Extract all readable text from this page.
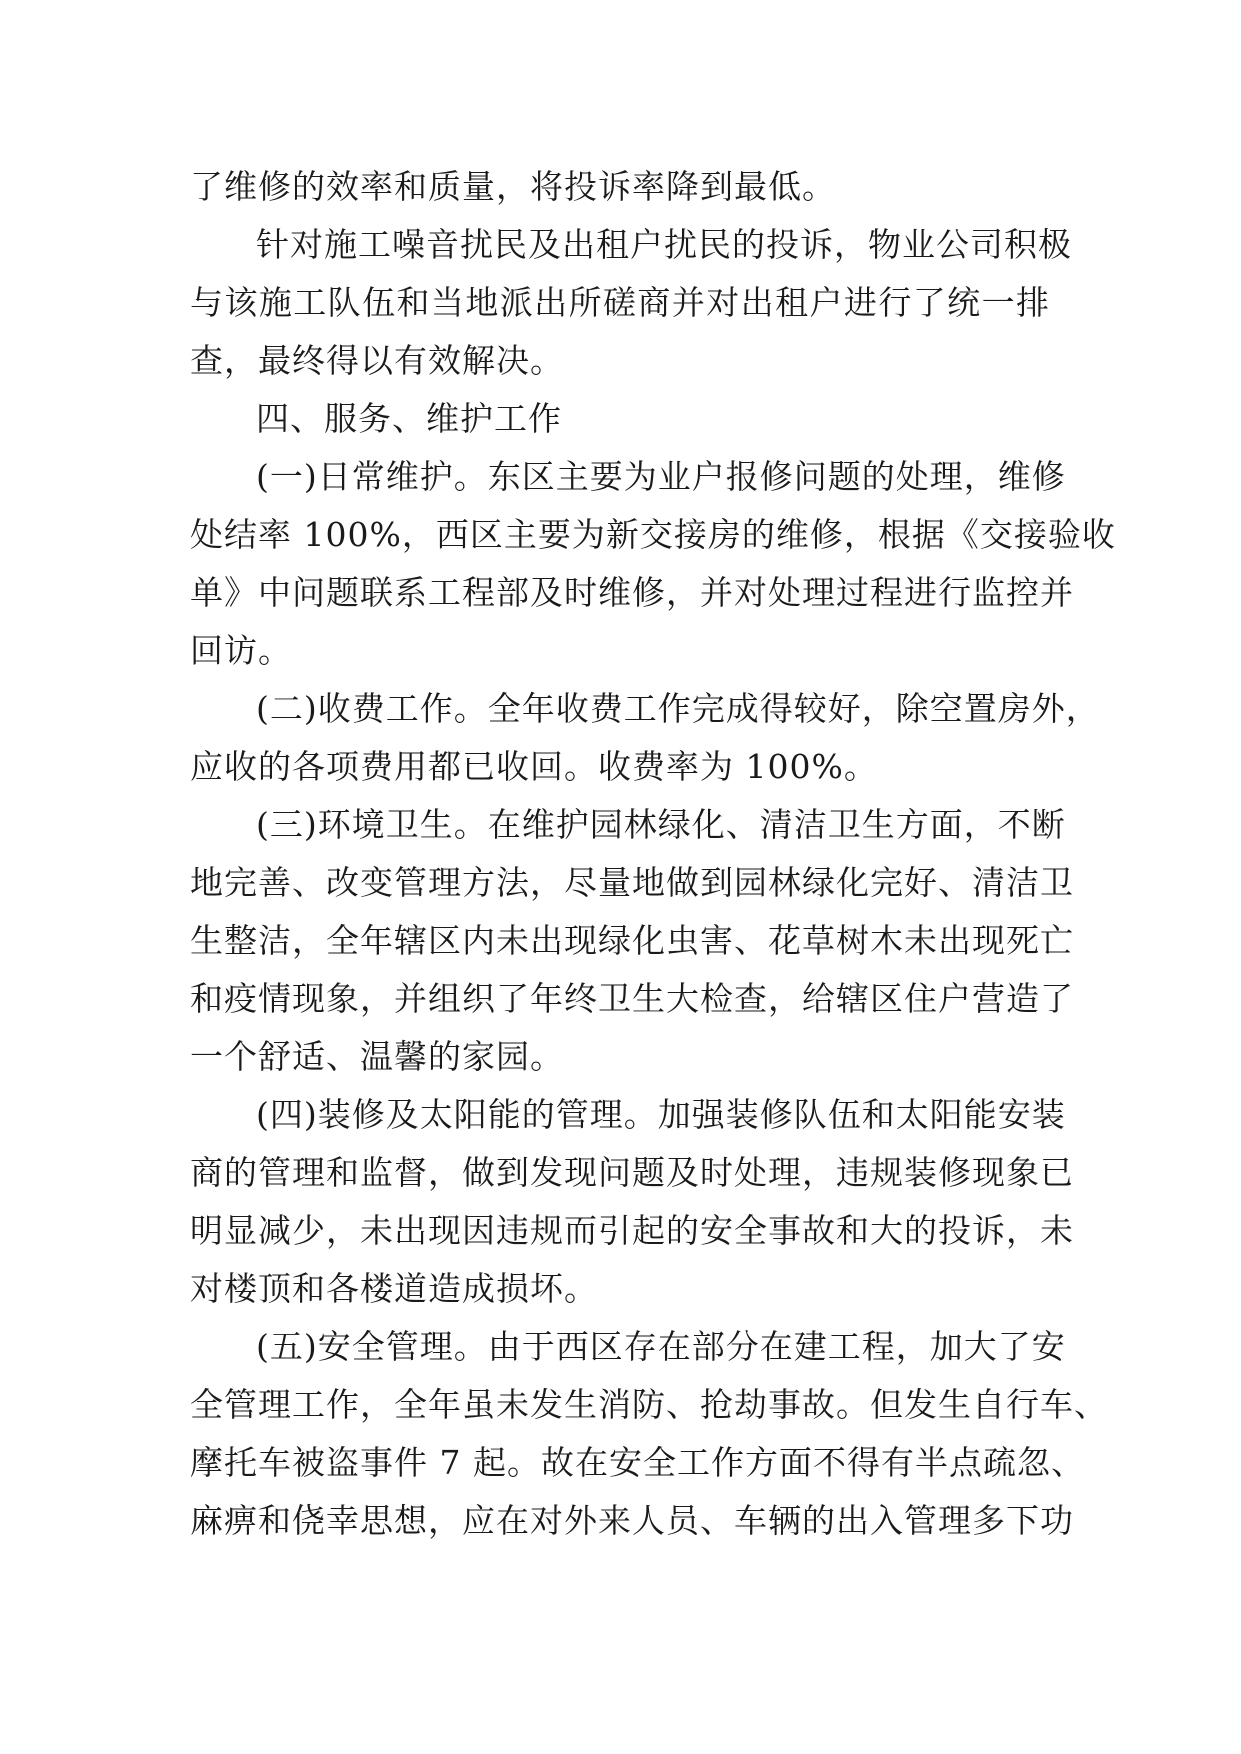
了维修的效率和质量，将投诉率降到最低。
针对施工噪音扰民及出租户扰民的投诉，物业公司积极
与该施工队伍和当地派出所磋商并对出租户进行了统一排
查，最终得以有效解决。
四、服务、维护工作
(一)日常维护。东区主要为业户报修问题的处理，维修
处结率 100%，西区主要为新交接房的维修，根据《交接验收
单》中问题联系工程部及时维修，并对处理过程进行监控并
回访。
(二)收费工作。全年收费工作完成得较好，除空置房外，
应收的各项费用都已收回。收费率为 100%。
(三)环境卫生。在维护园林绿化、清洁卫生方面，不断
地完善、改变管理方法，尽量地做到园林绿化完好、清洁卫
生整洁，全年辖区内未出现绿化虫害、花草树木未出现死亡
和疫情现象，并组织了年终卫生大检查，给辖区住户营造了
一个舒适、温馨的家园。
(四)装修及太阳能的管理。加强装修队伍和太阳能安装
商的管理和监督，做到发现问题及时处理，违规装修现象已
明显减少，未出现因违规而引起的安全事故和大的投诉，未
对楼顶和各楼道造成损坏。
(五)安全管理。由于西区存在部分在建工程，加大了安
全管理工作，全年虽未发生消防、抢劫事故。但发生自行车、
摩托车被盗事件 7 起。故在安全工作方面不得有半点疏忽、
麻痹和侥幸思想，应在对外来人员、车辆的出入管理多下功
